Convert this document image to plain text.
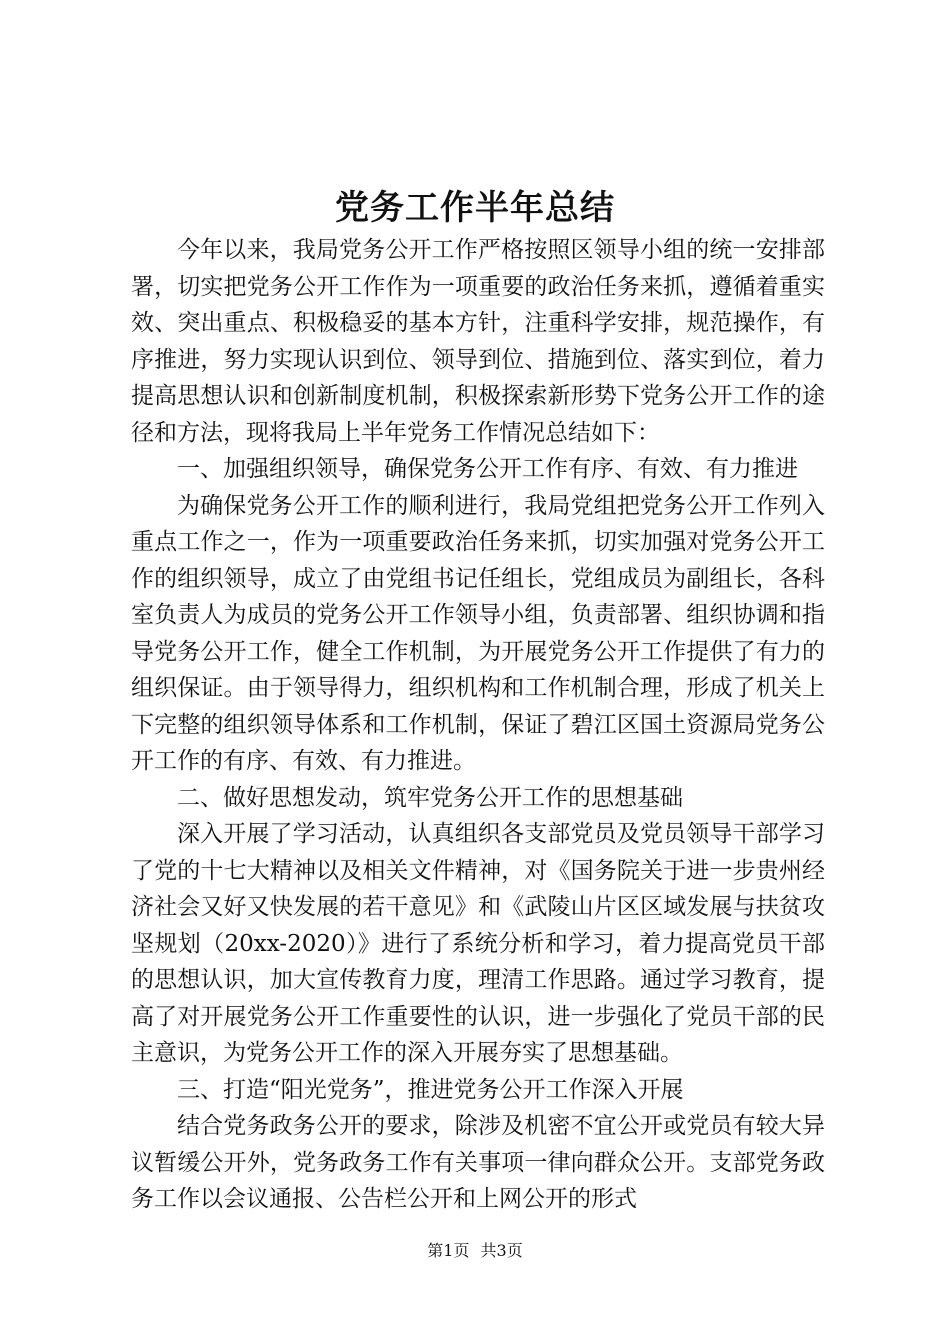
党务工作半年总结

今年以来，我局党务公开工作严格按照区领导小组的统一安排部署，切实把党务公开工作作为一项重要的政治任务来抓，遵循着重实效、突出重点、积极稳妥的基本方针，注重科学安排，规范操作，有序推进，努力实现认识到位、领导到位、措施到位、落实到位，着力提高思想认识和创新制度机制，积极探索新形势下党务公开工作的途径和方法，现将我局上半年党务工作情况总结如下：

一、加强组织领导，确保党务公开工作有序、有效、有力推进

为确保党务公开工作的顺利进行，我局党组把党务公开工作列入重点工作之一，作为一项重要政治任务来抓，切实加强对党务公开工作的组织领导，成立了由党组书记任组长，党组成员为副组长，各科室负责人为成员的党务公开工作领导小组，负责部署、组织协调和指导党务公开工作，健全工作机制，为开展党务公开工作提供了有力的组织保证。由于领导得力，组织机构和工作机制合理，形成了机关上下完整的组织领导体系和工作机制，保证了碧江区国土资源局党务公开工作的有序、有效、有力推进。

二、做好思想发动，筑牢党务公开工作的思想基础

深入开展了学习活动，认真组织各支部党员及党员领导干部学习了党的十七大精神以及相关文件精神，对《国务院关于进一步贵州经济社会又好又快发展的若干意见》和《武陵山片区区域发展与扶贫攻坚规划（20xx-2020）》进行了系统分析和学习，着力提高党员干部的思想认识，加大宣传教育力度，理清工作思路。通过学习教育，提高了对开展党务公开工作重要性的认识，进一步强化了党员干部的民主意识，为党务公开工作的深入开展夯实了思想基础。

三、打造“阳光党务”，推进党务公开工作深入开展

结合党务政务公开的要求，除涉及机密不宜公开或党员有较大异议暂缓公开外，党务政务工作有关事项一律向群众公开。支部党务政务工作以会议通报、公告栏公开和上网公开的形式

第1页 共3页
